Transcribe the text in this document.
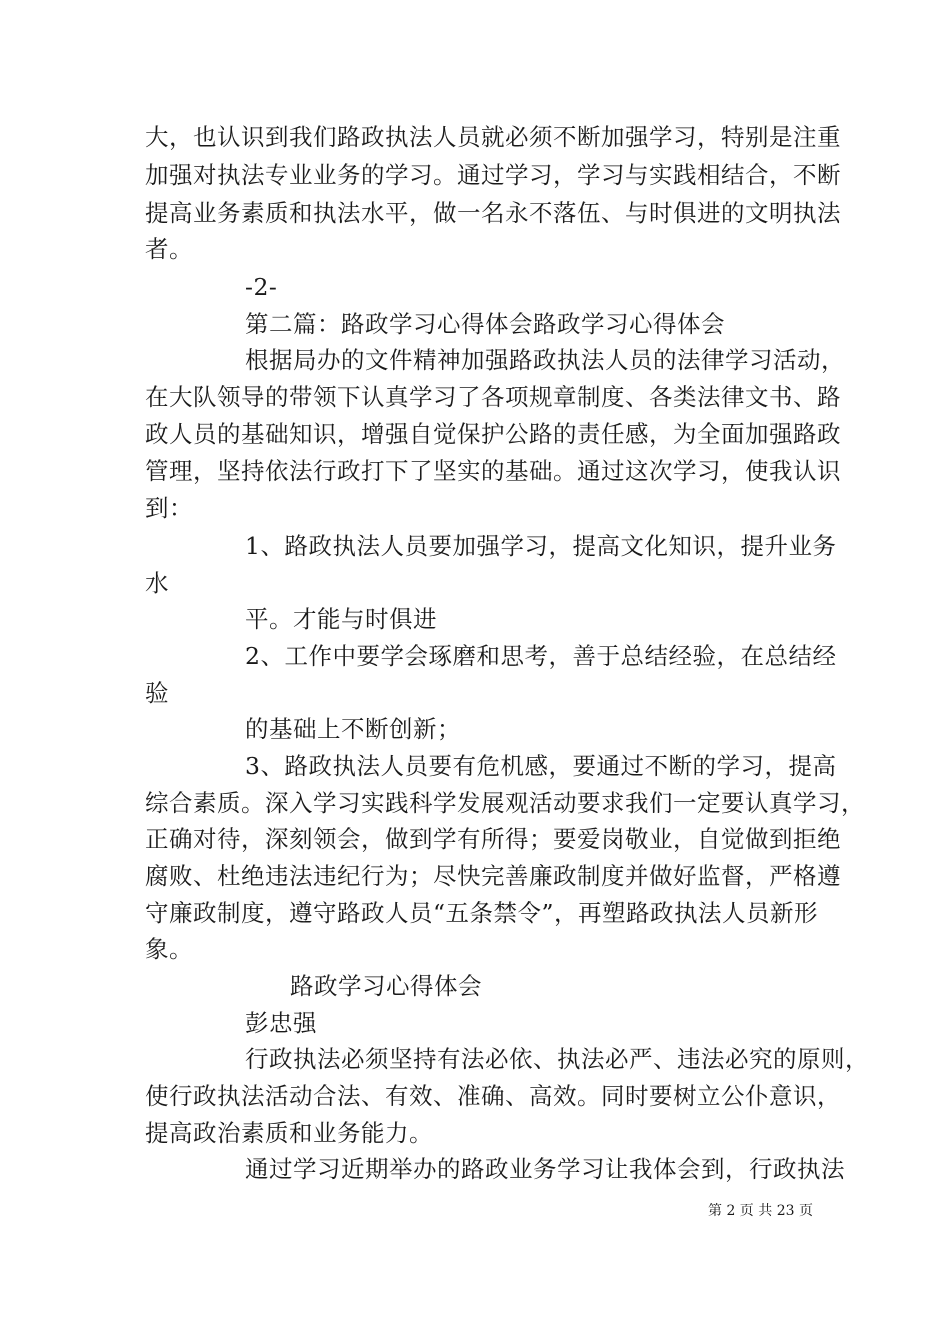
大，也认识到我们路政执法人员就必须不断加强学习，特别是注重
加强对执法专业业务的学习。通过学习，学习与实践相结合，不断
提高业务素质和执法水平，做一名永不落伍、与时俱进的文明执法
者。
-2-
第二篇：路政学习心得体会路政学习心得体会
根据局办的文件精神加强路政执法人员的法律学习活动，
在大队领导的带领下认真学习了各项规章制度、各类法律文书、路
政人员的基础知识，增强自觉保护公路的责任感，为全面加强路政
管理，坚持依法行政打下了坚实的基础。通过这次学习，使我认识
到：
1、路政执法人员要加强学习，提高文化知识，提升业务
水
平。才能与时俱进
2、工作中要学会琢磨和思考，善于总结经验，在总结经
验
的基础上不断创新；
3、路政执法人员要有危机感，要通过不断的学习，提高
综合素质。深入学习实践科学发展观活动要求我们一定要认真学习，
正确对待，深刻领会，做到学有所得；要爱岗敬业，自觉做到拒绝
腐败、杜绝违法违纪行为；尽快完善廉政制度并做好监督，严格遵
守廉政制度，遵守路政人员“五条禁令”，再塑路政执法人员新形
象。
路政学习心得体会
彭忠强
行政执法必须坚持有法必依、执法必严、违法必究的原则，
使行政执法活动合法、有效、准确、高效。同时要树立公仆意识，
提高政治素质和业务能力。
通过学习近期举办的路政业务学习让我体会到，行政执法
第 2 页 共 23 页
